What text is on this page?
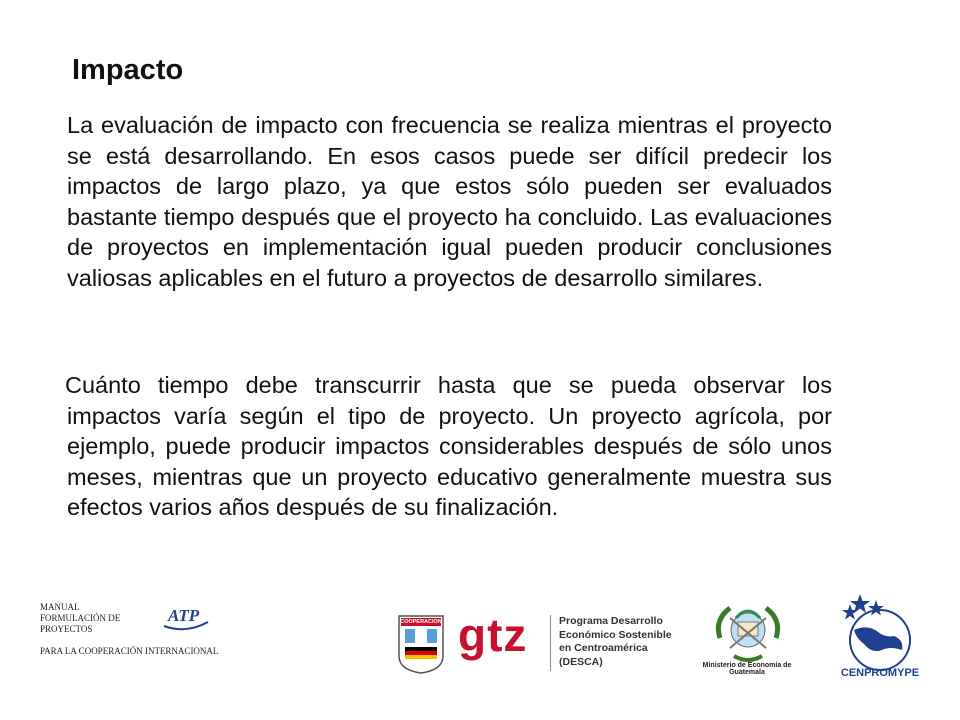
Impacto

La evaluación de impacto con frecuencia se realiza mientras el proyecto se está desarrollando. En esos casos puede ser difícil predecir los impactos de largo plazo, ya que estos sólo pueden ser evaluados bastante tiempo después que el proyecto ha concluido. Las evaluaciones de proyectos en implementación igual pueden producir conclusiones valiosas aplicables en el futuro a proyectos de desarrollo similares.

Cuánto tiempo debe transcurrir hasta que se pueda observar los impactos varía según el tipo de proyecto. Un proyecto agrícola, por ejemplo, puede producir impactos considerables después de sólo unos meses, mientras que un proyecto educativo generalmente muestra sus efectos varios años después de su finalización.

MANUAL
FORMULACIÓN DE
PROYECTOS
PARA LA COOPERACIÓN INTERNACIONAL
ATP	COOPERACION gtz	Programa Desarrollo
Económico Sostenible
en Centroamérica
(DESCA)	Ministerio de Economía de Guatemala	CENPROMYPE
